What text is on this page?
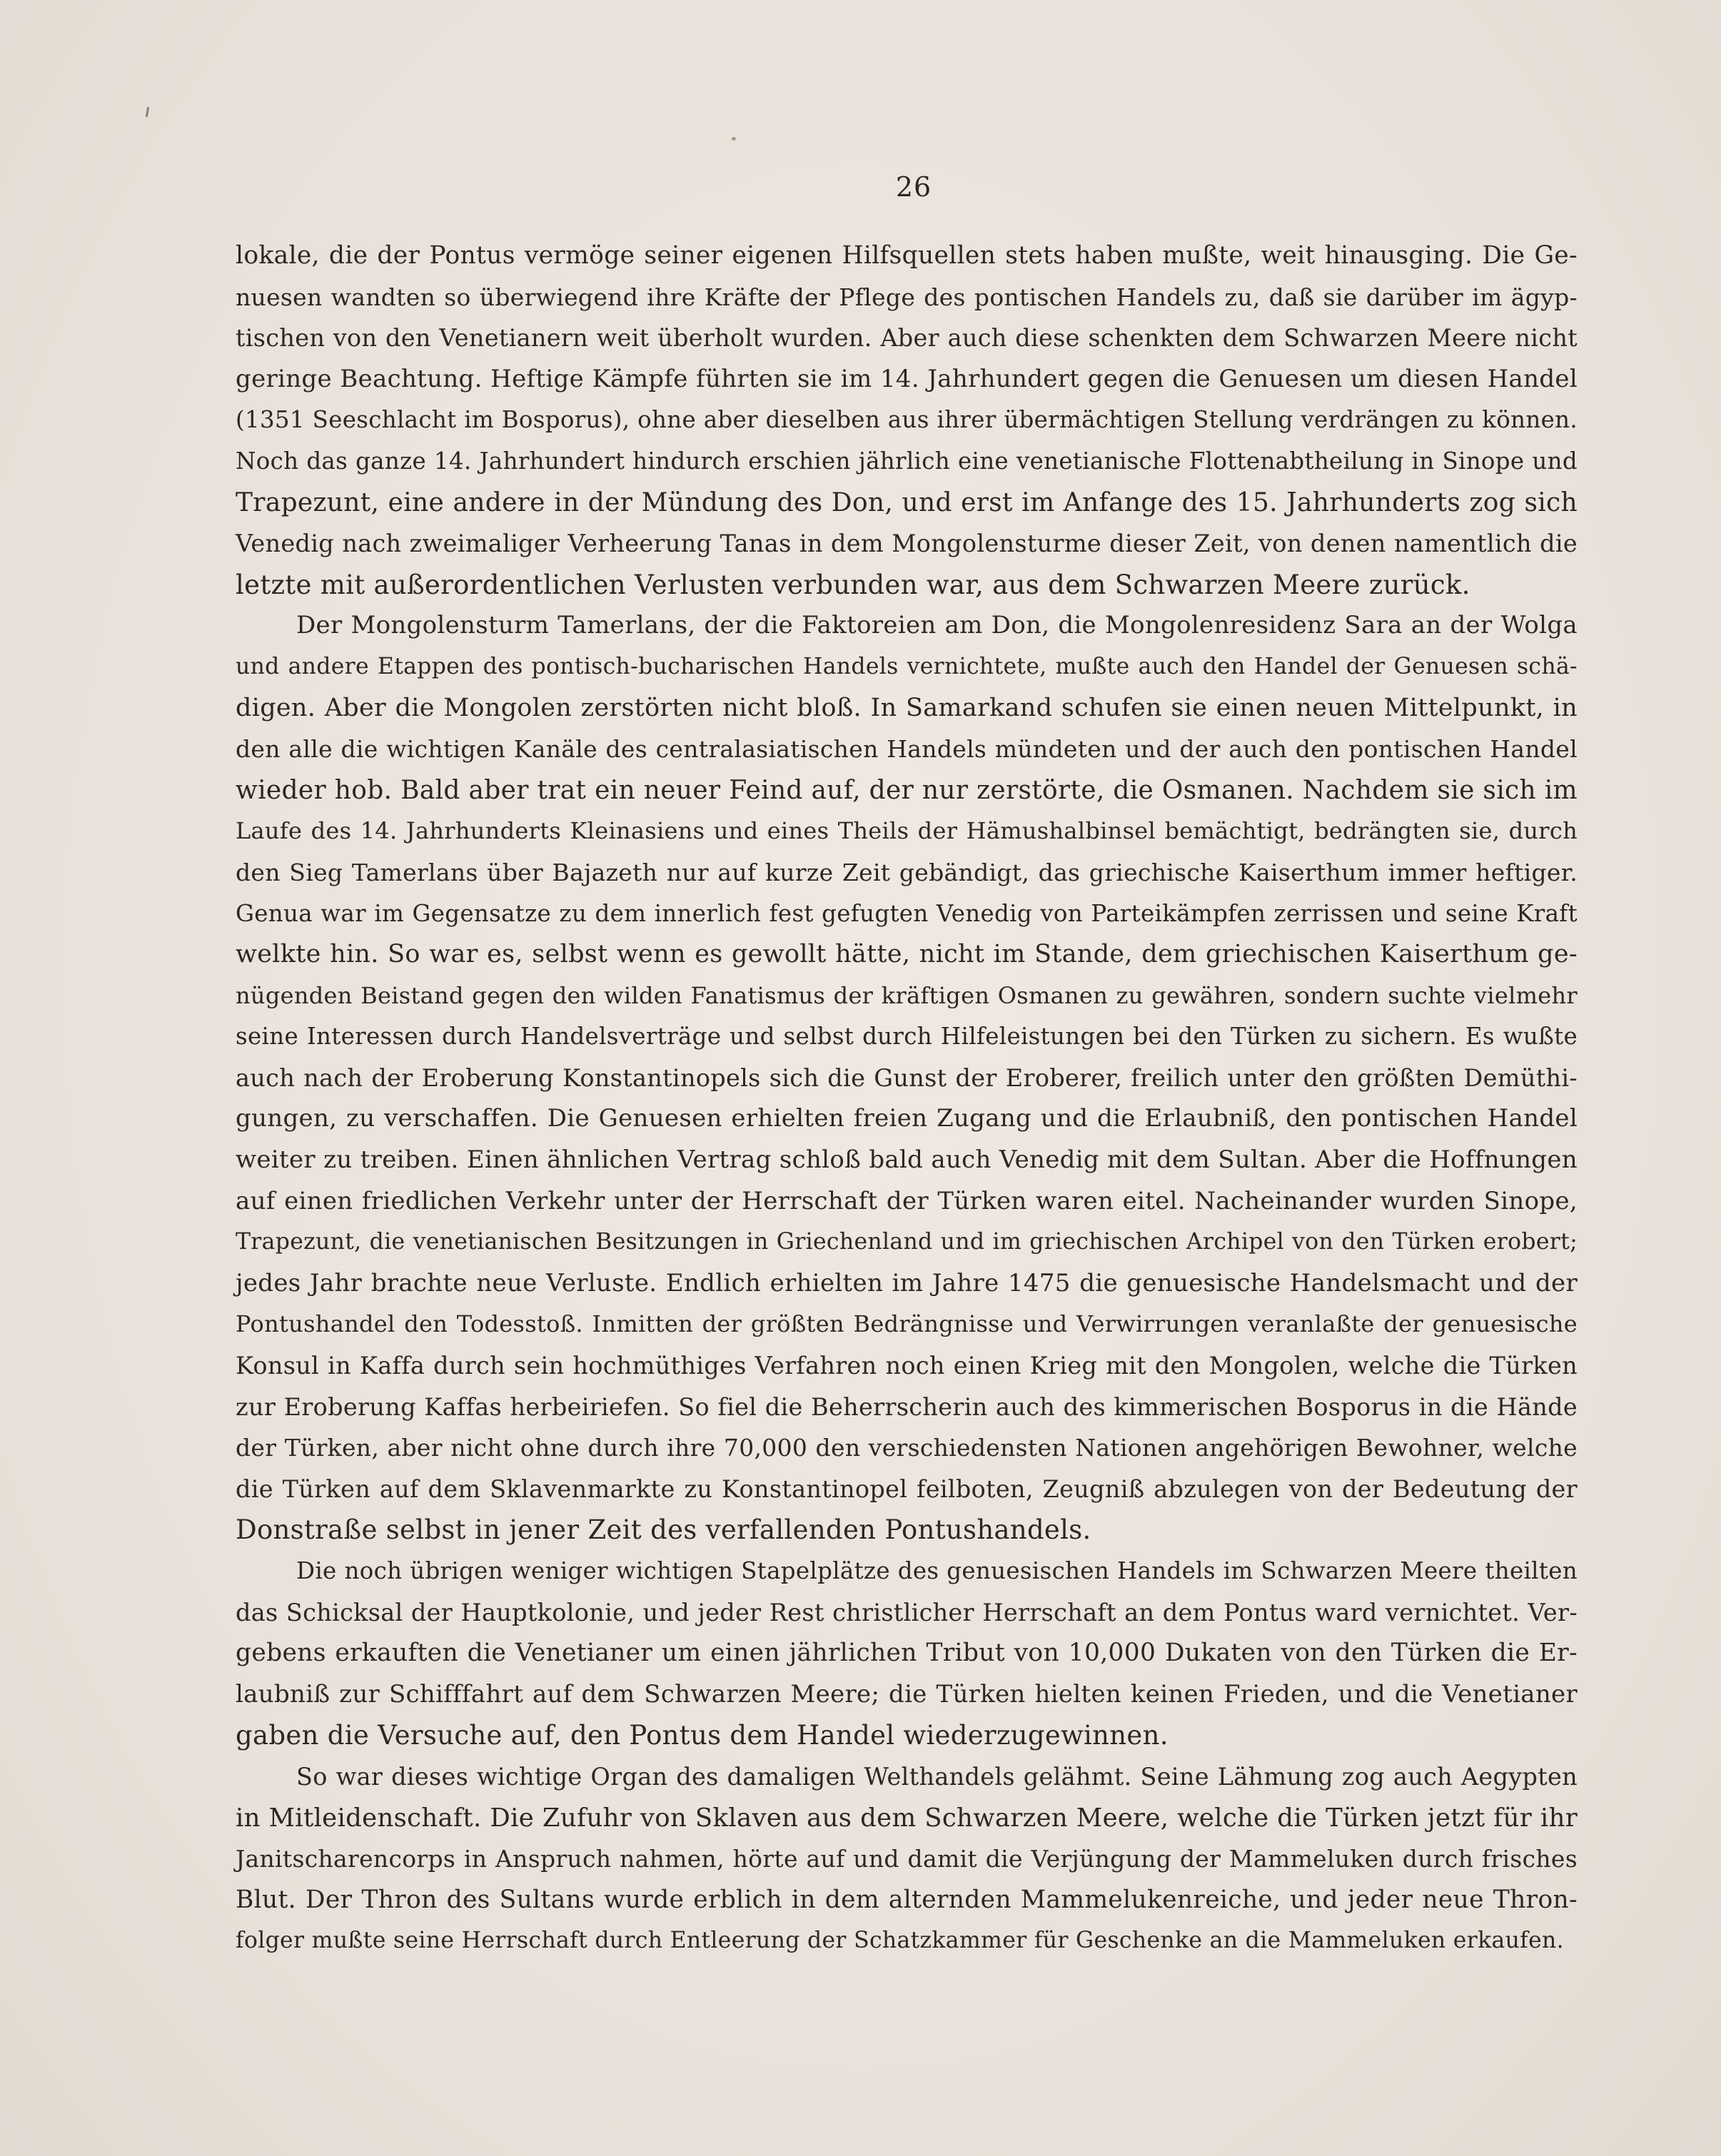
26
lokale, die der Pontus vermöge seiner eigenen Hilfsquellen stets haben mußte, weit hinausging. Die Ge-
nuesen wandten so überwiegend ihre Kräfte der Pflege des pontischen Handels zu, daß sie darüber im ägyp-
tischen von den Venetianern weit überholt wurden. Aber auch diese schenkten dem Schwarzen Meere nicht
geringe Beachtung. Heftige Kämpfe führten sie im 14. Jahrhundert gegen die Genuesen um diesen Handel
(1351 Seeschlacht im Bosporus), ohne aber dieselben aus ihrer übermächtigen Stellung verdrängen zu können.
Noch das ganze 14. Jahrhundert hindurch erschien jährlich eine venetianische Flottenabtheilung in Sinope und
Trapezunt, eine andere in der Mündung des Don, und erst im Anfange des 15. Jahrhunderts zog sich
Venedig nach zweimaliger Verheerung Tanas in dem Mongolensturme dieser Zeit, von denen namentlich die
letzte mit außerordentlichen Verlusten verbunden war, aus dem Schwarzen Meere zurück.
Der Mongolensturm Tamerlans, der die Faktoreien am Don, die Mongolenresidenz Sara an der Wolga
und andere Etappen des pontisch-bucharischen Handels vernichtete, mußte auch den Handel der Genuesen schä-
digen. Aber die Mongolen zerstörten nicht bloß. In Samarkand schufen sie einen neuen Mittelpunkt, in
den alle die wichtigen Kanäle des centralasiatischen Handels mündeten und der auch den pontischen Handel
wieder hob. Bald aber trat ein neuer Feind auf, der nur zerstörte, die Osmanen. Nachdem sie sich im
Laufe des 14. Jahrhunderts Kleinasiens und eines Theils der Hämushalbinsel bemächtigt, bedrängten sie, durch
den Sieg Tamerlans über Bajazeth nur auf kurze Zeit gebändigt, das griechische Kaiserthum immer heftiger.
Genua war im Gegensatze zu dem innerlich fest gefugten Venedig von Parteikämpfen zerrissen und seine Kraft
welkte hin. So war es, selbst wenn es gewollt hätte, nicht im Stande, dem griechischen Kaiserthum ge-
nügenden Beistand gegen den wilden Fanatismus der kräftigen Osmanen zu gewähren, sondern suchte vielmehr
seine Interessen durch Handelsverträge und selbst durch Hilfeleistungen bei den Türken zu sichern. Es wußte
auch nach der Eroberung Konstantinopels sich die Gunst der Eroberer, freilich unter den größten Demüthi-
gungen, zu verschaffen. Die Genuesen erhielten freien Zugang und die Erlaubniß, den pontischen Handel
weiter zu treiben. Einen ähnlichen Vertrag schloß bald auch Venedig mit dem Sultan. Aber die Hoffnungen
auf einen friedlichen Verkehr unter der Herrschaft der Türken waren eitel. Nacheinander wurden Sinope,
Trapezunt, die venetianischen Besitzungen in Griechenland und im griechischen Archipel von den Türken erobert;
jedes Jahr brachte neue Verluste. Endlich erhielten im Jahre 1475 die genuesische Handelsmacht und der
Pontushandel den Todesstoß. Inmitten der größten Bedrängnisse und Verwirrungen veranlaßte der genuesische
Konsul in Kaffa durch sein hochmüthiges Verfahren noch einen Krieg mit den Mongolen, welche die Türken
zur Eroberung Kaffas herbeiriefen. So fiel die Beherrscherin auch des kimmerischen Bosporus in die Hände
der Türken, aber nicht ohne durch ihre 70,000 den verschiedensten Nationen angehörigen Bewohner, welche
die Türken auf dem Sklavenmarkte zu Konstantinopel feilboten, Zeugniß abzulegen von der Bedeutung der
Donstraße selbst in jener Zeit des verfallenden Pontushandels.
Die noch übrigen weniger wichtigen Stapelplätze des genuesischen Handels im Schwarzen Meere theilten
das Schicksal der Hauptkolonie, und jeder Rest christlicher Herrschaft an dem Pontus ward vernichtet. Ver-
gebens erkauften die Venetianer um einen jährlichen Tribut von 10,000 Dukaten von den Türken die Er-
laubniß zur Schifffahrt auf dem Schwarzen Meere; die Türken hielten keinen Frieden, und die Venetianer
gaben die Versuche auf, den Pontus dem Handel wiederzugewinnen.
So war dieses wichtige Organ des damaligen Welthandels gelähmt. Seine Lähmung zog auch Aegypten
in Mitleidenschaft. Die Zufuhr von Sklaven aus dem Schwarzen Meere, welche die Türken jetzt für ihr
Janitscharencorps in Anspruch nahmen, hörte auf und damit die Verjüngung der Mammeluken durch frisches
Blut. Der Thron des Sultans wurde erblich in dem alternden Mammelukenreiche, und jeder neue Thron-
folger mußte seine Herrschaft durch Entleerung der Schatzkammer für Geschenke an die Mammeluken erkaufen.
